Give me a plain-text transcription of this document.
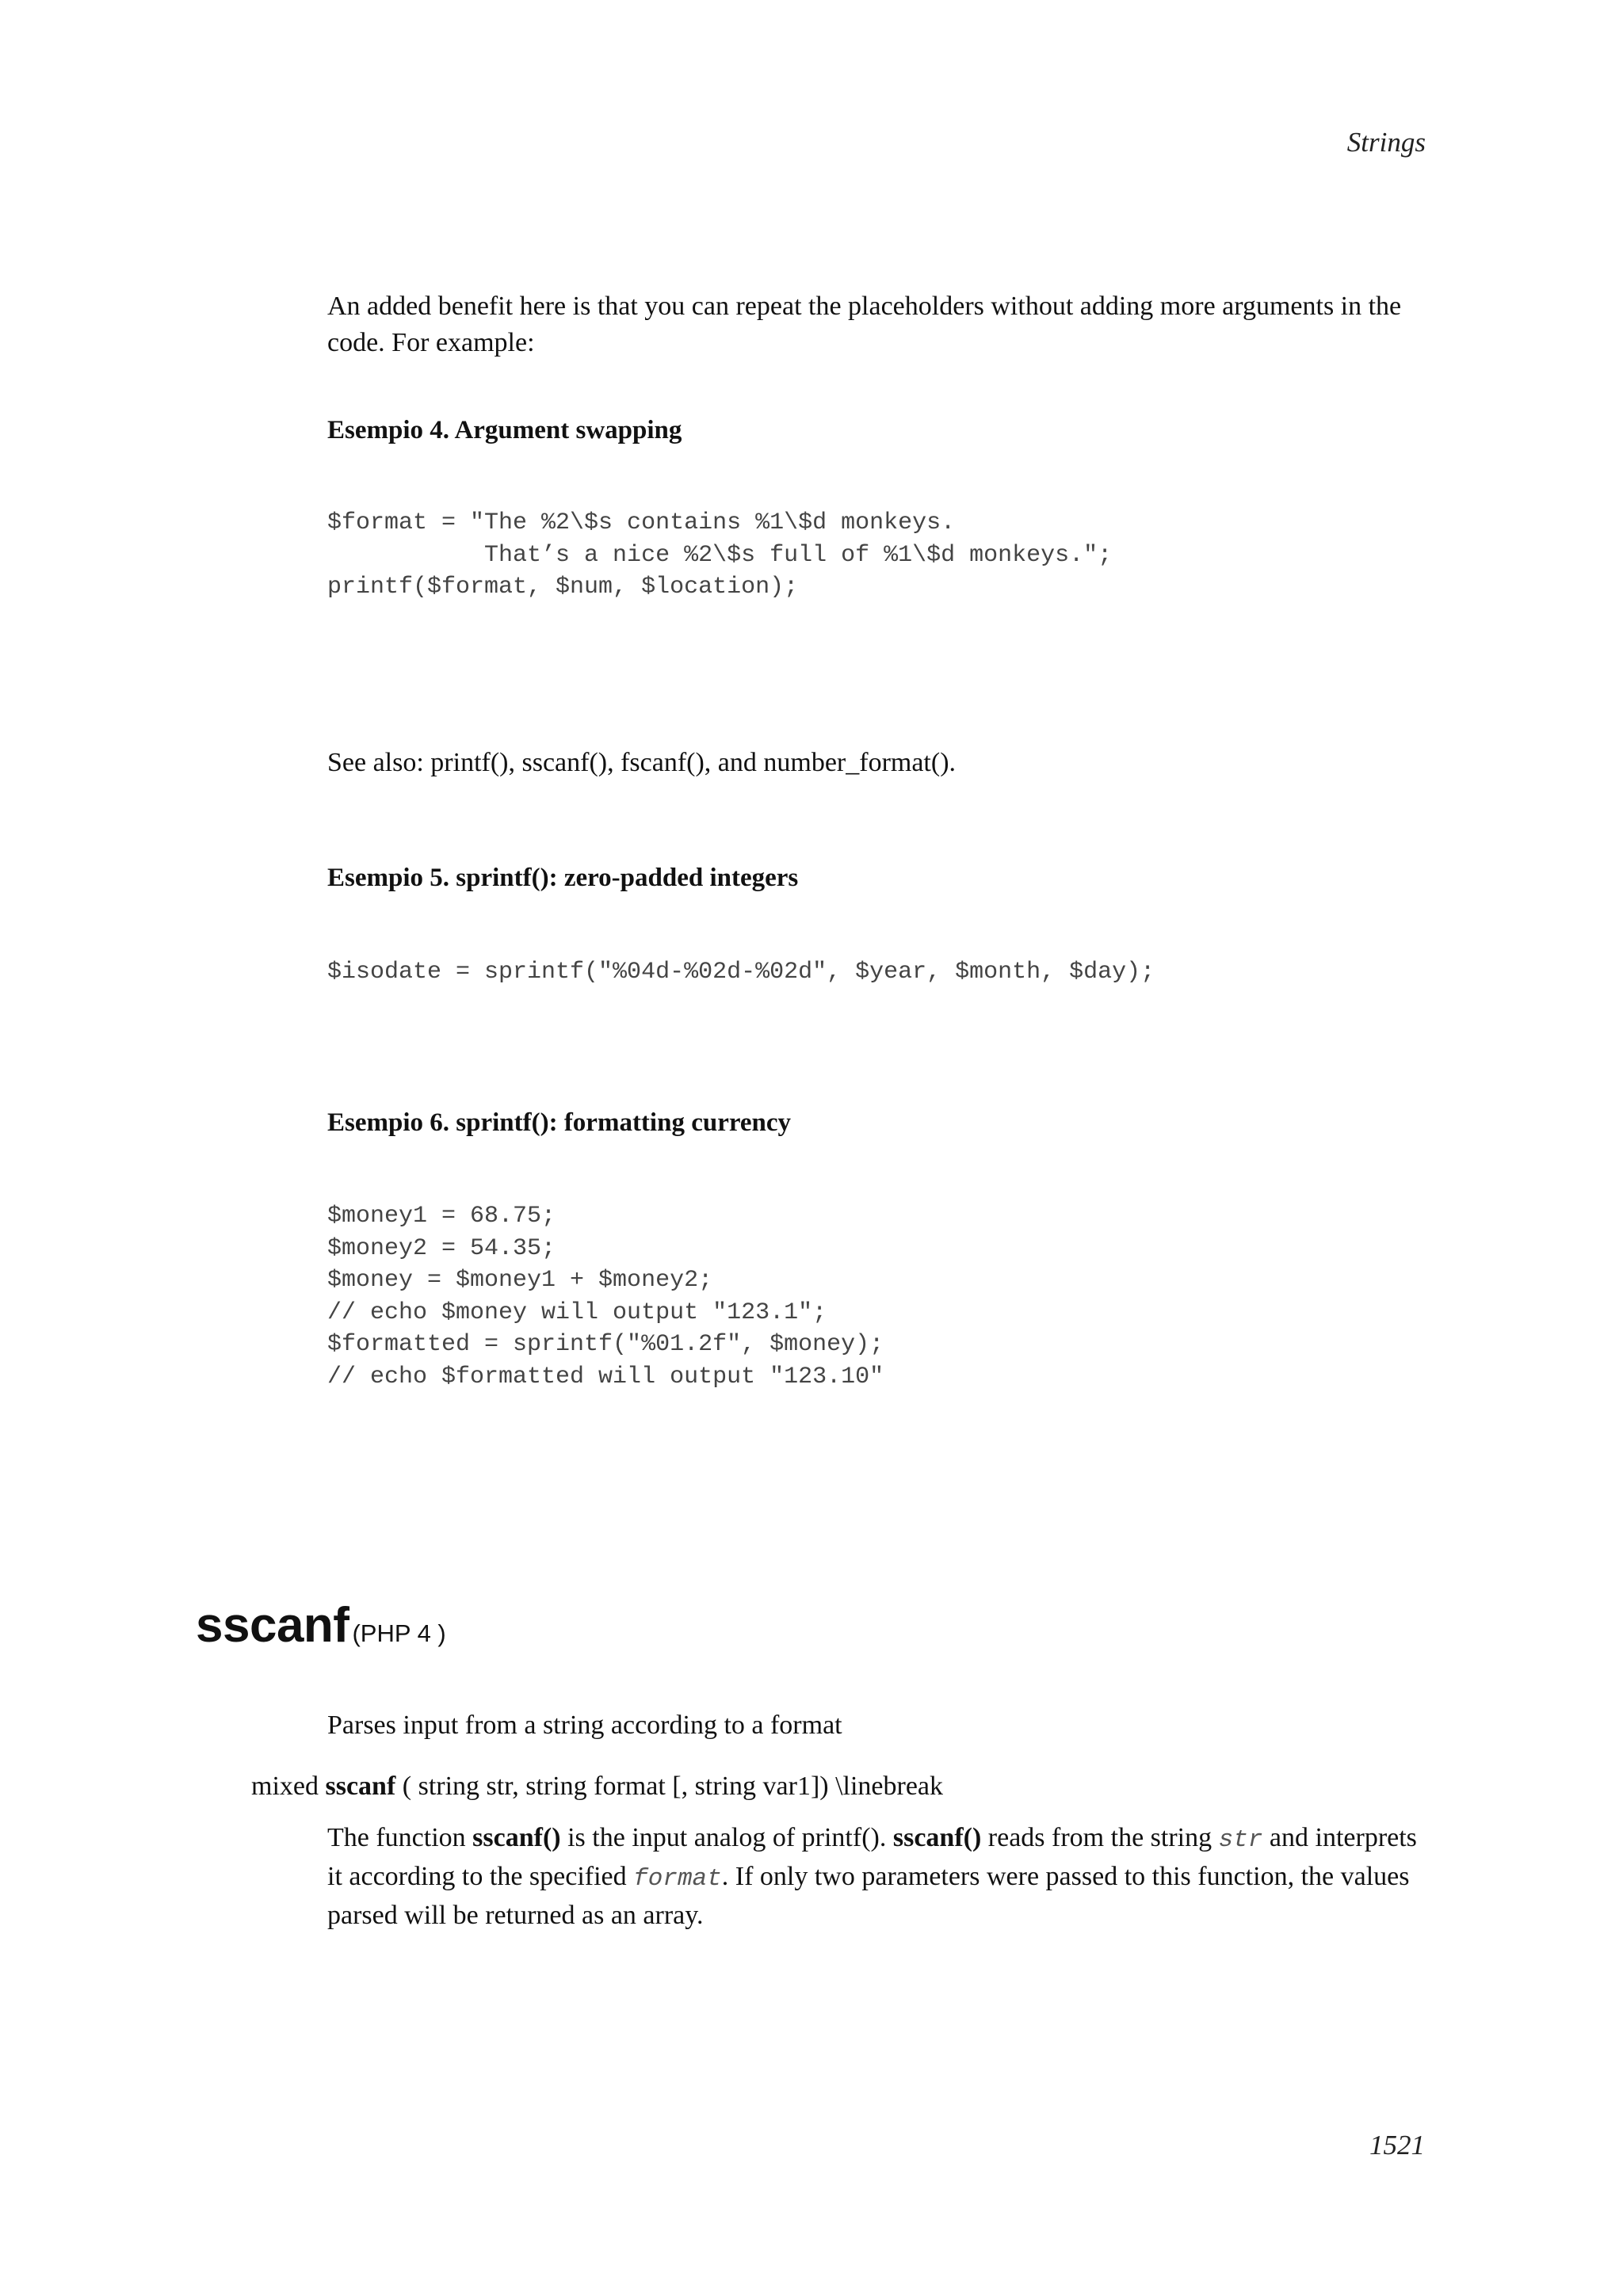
Strings

An added benefit here is that you can repeat the placeholders without adding more arguments in the code. For example:

Esempio 4. Argument swapping
$format = "The %2\$s contains %1\$d monkeys.
That’s a nice %2\$s full of %1\$d monkeys.";
printf($format, $num, $location);

See also: printf(), sscanf(), fscanf(), and number_format().

Esempio 5. sprintf(): zero-padded integers
$isodate = sprintf("%04d-%02d-%02d", $year, $month, $day);
Esempio 6. sprintf(): formatting currency
$money1 = 68.75;
$money2 = 54.35;
$money = $money1 + $money2;
// echo $money will output "123.1";
$formatted = sprintf("%01.2f", $money);
// echo $formatted will output "123.10"
sscanf (PHP 4 )

Parses input from a string according to a format

mixed sscanf ( string str, string format [, string var1]) \linebreak

The function sscanf() is the input analog of printf(). sscanf() reads from the string str and interprets it according to the specified format. If only two parameters were passed to this function, the values parsed will be returned as an array.

1521
